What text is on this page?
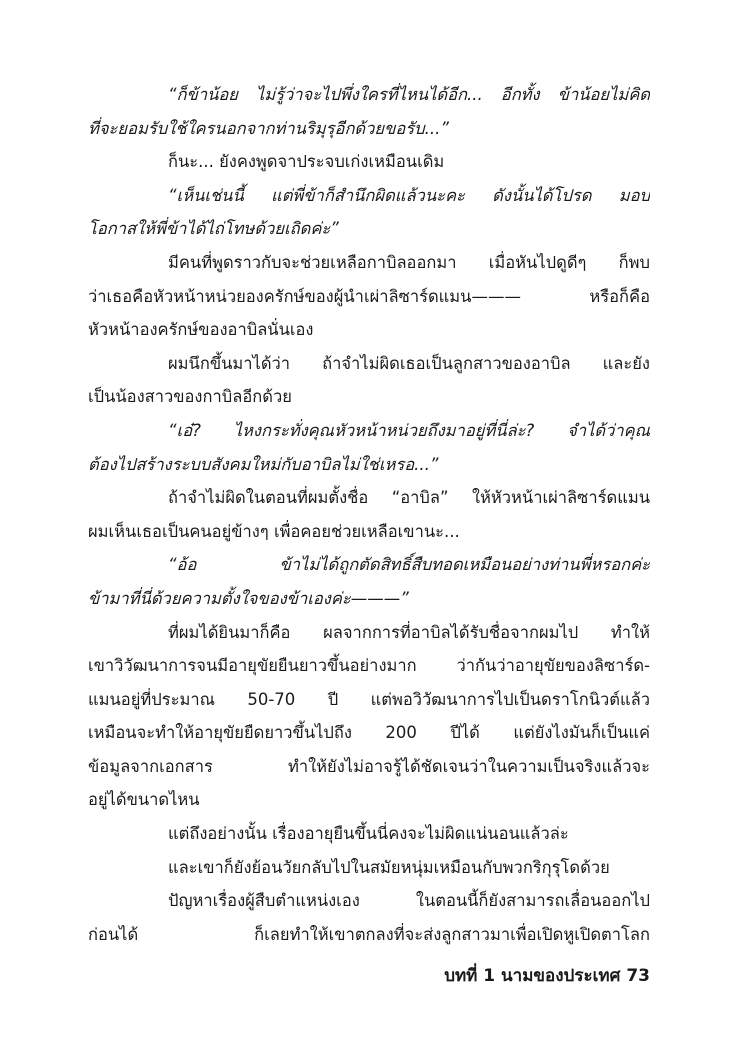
“ก็ข้าน้อย ไม่รู้ว่าจะไปพึ่งใครที่ไหนได้อีก... อีกทั้ง ข้าน้อยไม่คิด
ที่จะยอมรับใช้ใครนอกจากท่านริมุรุอีกด้วยขอรับ...”
ก็นะ... ยังคงพูดจาประจบเก่งเหมือนเดิม
“เห็นเช่นนี้ แต่พี่ข้าก็สำนึกผิดแล้วนะคะ ดังนั้นได้โปรด มอบ
โอกาสให้พี่ข้าได้ไถ่โทษด้วยเถิดค่ะ”
มีคนที่พูดราวกับจะช่วยเหลือกาบิลออกมา เมื่อหันไปดูดีๆ ก็พบ
ว่าเธอคือหัวหน้าหน่วยองครักษ์ของผู้นำเผ่าลิซาร์ดแมน——— หรือก็คือ
หัวหน้าองครักษ์ของอาบิลนั่นเอง
ผมนึกขึ้นมาได้ว่า ถ้าจำไม่ผิดเธอเป็นลูกสาวของอาบิล และยัง
เป็นน้องสาวของกาบิลอีกด้วย
“เอ๋? ไหงกระทั่งคุณหัวหน้าหน่วยถึงมาอยู่ที่นี่ล่ะ? จำได้ว่าคุณ
ต้องไปสร้างระบบสังคมใหม่กับอาบิลไม่ใช่เหรอ...”
ถ้าจำไม่ผิดในตอนที่ผมตั้งชื่อ “อาบิล” ให้หัวหน้าเผ่าลิซาร์ดแมน
ผมเห็นเธอเป็นคนอยู่ข้างๆ เพื่อคอยช่วยเหลือเขานะ...
“อ้อ ข้าไม่ได้ถูกตัดสิทธิ์สืบทอดเหมือนอย่างท่านพี่หรอกค่ะ
ข้ามาที่นี่ด้วยความตั้งใจของข้าเองค่ะ———”
ที่ผมได้ยินมาก็คือ ผลจากการที่อาบิลได้รับชื่อจากผมไป ทำให้
เขาวิวัฒนาการจนมีอายุขัยยืนยาวขึ้นอย่างมาก ว่ากันว่าอายุขัยของลิซาร์ด-
แมนอยู่ที่ประมาณ 50-70 ปี แต่พอวิวัฒนาการไปเป็นดราโกนิวต์แล้ว
เหมือนจะทำให้อายุขัยยืดยาวขึ้นไปถึง 200 ปีได้ แต่ยังไงมันก็เป็นแค่
ข้อมูลจากเอกสาร ทำให้ยังไม่อาจรู้ได้ชัดเจนว่าในความเป็นจริงแล้วจะ
อยู่ได้ขนาดไหน
แต่ถึงอย่างนั้น เรื่องอายุยืนขึ้นนี่คงจะไม่ผิดแน่นอนแล้วล่ะ
และเขาก็ยังย้อนวัยกลับไปในสมัยหนุ่มเหมือนกับพวกริกุรุโดด้วย
ปัญหาเรื่องผู้สืบตำแหน่งเอง ในตอนนี้ก็ยังสามารถเลื่อนออกไป
ก่อนได้ ก็เลยทำให้เขาตกลงที่จะส่งลูกสาวมาเพื่อเปิดหูเปิดตาโลก
บทที่ 1 นามของประเทศ 73
